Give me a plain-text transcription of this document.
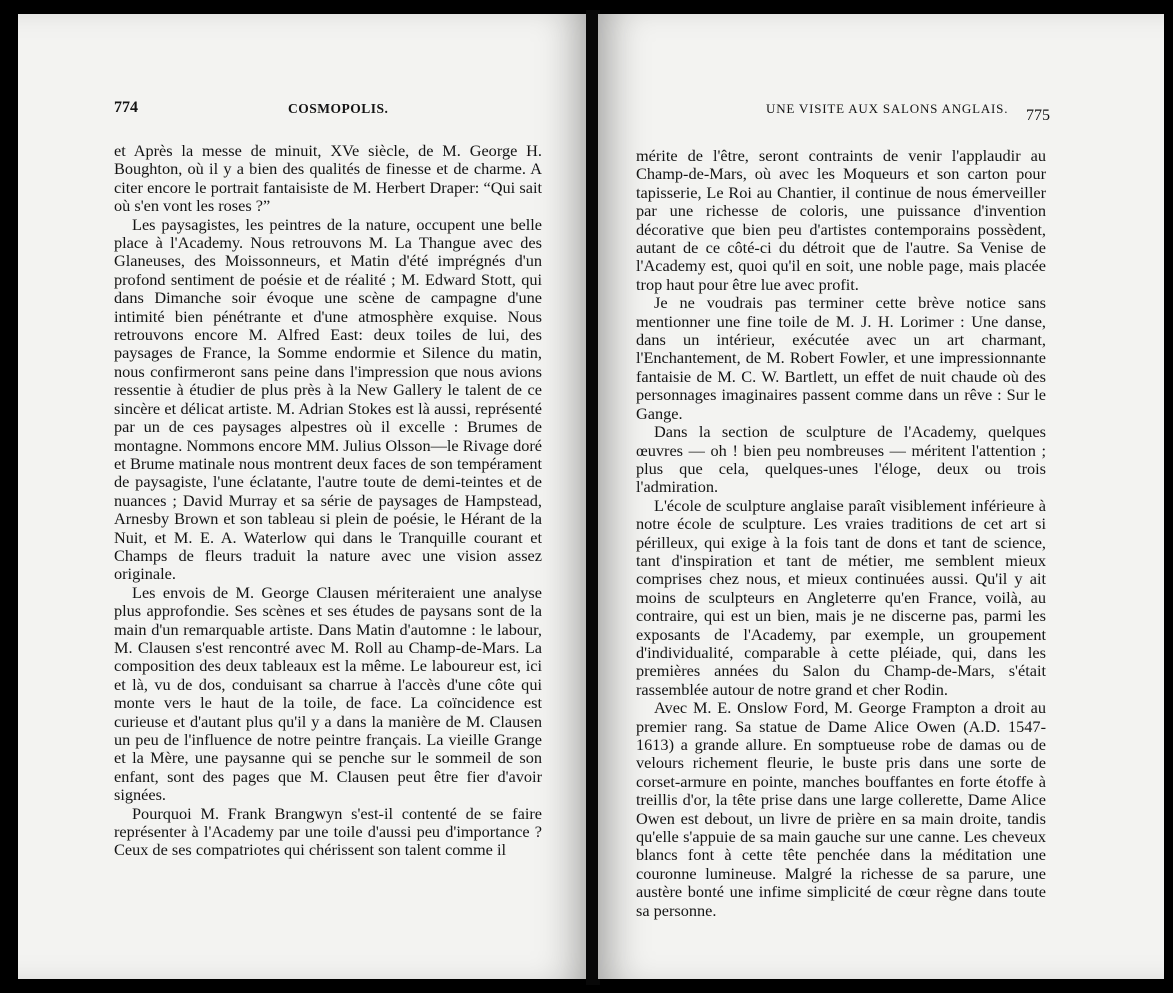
774	COSMOPOLIS.

et Après la messe de minuit, XVe siècle, de M. George H. Boughton, où il y a bien des qualités de finesse et de charme. A citer encore le portrait fantaisiste de M. Herbert Draper: “Qui sait où s'en vont les roses ?”

Les paysagistes, les peintres de la nature, occupent une belle place à l'Academy. Nous retrouvons M. La Thangue avec des Glaneuses, des Moissonneurs, et Matin d'été imprégnés d'un profond sentiment de poésie et de réalité ; M. Edward Stott, qui dans Dimanche soir évoque une scène de campagne d'une intimité bien pénétrante et d'une atmosphère exquise. Nous retrouvons encore M. Alfred East: deux toiles de lui, des paysages de France, la Somme endormie et Silence du matin, nous confirmeront sans peine dans l'impression que nous avions ressentie à étudier de plus près à la New Gallery le talent de ce sincère et délicat artiste. M. Adrian Stokes est là aussi, représenté par un de ces paysages alpestres où il excelle : Brumes de montagne. Nommons encore MM. Julius Olsson—le Rivage doré et Brume matinale nous montrent deux faces de son tempérament de paysagiste, l'une éclatante, l'autre toute de demi-teintes et de nuances ; David Murray et sa série de paysages de Hampstead, Arnesby Brown et son tableau si plein de poésie, le Hérant de la Nuit, et M. E. A. Waterlow qui dans le Tranquille courant et Champs de fleurs traduit la nature avec une vision assez originale.

Les envois de M. George Clausen mériteraient une analyse plus approfondie. Ses scènes et ses études de paysans sont de la main d'un remarquable artiste. Dans Matin d'automne : le labour, M. Clausen s'est rencontré avec M. Roll au Champ-de-Mars. La composition des deux tableaux est la même. Le laboureur est, ici et là, vu de dos, conduisant sa charrue à l'accès d'une côte qui monte vers le haut de la toile, de face. La coïncidence est curieuse et d'autant plus qu'il y a dans la manière de M. Clausen un peu de l'influence de notre peintre français. La vieille Grange et la Mère, une paysanne qui se penche sur le sommeil de son enfant, sont des pages que M. Clausen peut être fier d'avoir signées.

Pourquoi M. Frank Brangwyn s'est-il contenté de se faire représenter à l'Academy par une toile d'aussi peu d'importance ? Ceux de ses compatriotes qui chérissent son talent comme il

UNE VISITE AUX SALONS ANGLAIS. 775

mérite de l'être, seront contraints de venir l'applaudir au Champ-de-Mars, où avec les Moqueurs et son carton pour tapisserie, Le Roi au Chantier, il continue de nous émerveiller par une richesse de coloris, une puissance d'invention décorative que bien peu d'artistes contemporains possèdent, autant de ce côté-ci du détroit que de l'autre. Sa Venise de l'Academy est, quoi qu'il en soit, une noble page, mais placée trop haut pour être lue avec profit.

Je ne voudrais pas terminer cette brève notice sans mentionner une fine toile de M. J. H. Lorimer : Une danse, dans un intérieur, exécutée avec un art charmant, l'Enchantement, de M. Robert Fowler, et une impressionnante fantaisie de M. C. W. Bartlett, un effet de nuit chaude où des personnages imaginaires passent comme dans un rêve : Sur le Gange.

Dans la section de sculpture de l'Academy, quelques œuvres — oh ! bien peu nombreuses — méritent l'attention ; plus que cela, quelques-unes l'éloge, deux ou trois l'admiration.

L'école de sculpture anglaise paraît visiblement inférieure à notre école de sculpture. Les vraies traditions de cet art si périlleux, qui exige à la fois tant de dons et tant de science, tant d'inspiration et tant de métier, me semblent mieux comprises chez nous, et mieux continuées aussi. Qu'il y ait moins de sculpteurs en Angleterre qu'en France, voilà, au contraire, qui est un bien, mais je ne discerne pas, parmi les exposants de l'Academy, par exemple, un groupement d'individualité, comparable à cette pléiade, qui, dans les premières années du Salon du Champ-de-Mars, s'était rassemblée autour de notre grand et cher Rodin.

Avec M. E. Onslow Ford, M. George Frampton a droit au premier rang. Sa statue de Dame Alice Owen (A.D. 1547-1613) a grande allure. En somptueuse robe de damas ou de velours richement fleurie, le buste pris dans une sorte de corset-armure en pointe, manches bouffantes en forte étoffe à treillis d'or, la tête prise dans une large collerette, Dame Alice Owen est debout, un livre de prière en sa main droite, tandis qu'elle s'appuie de sa main gauche sur une canne. Les cheveux blancs font à cette tête penchée dans la méditation une couronne lumineuse. Malgré la richesse de sa parure, une austère bonté une infime simplicité de cœur règne dans toute sa personne.
